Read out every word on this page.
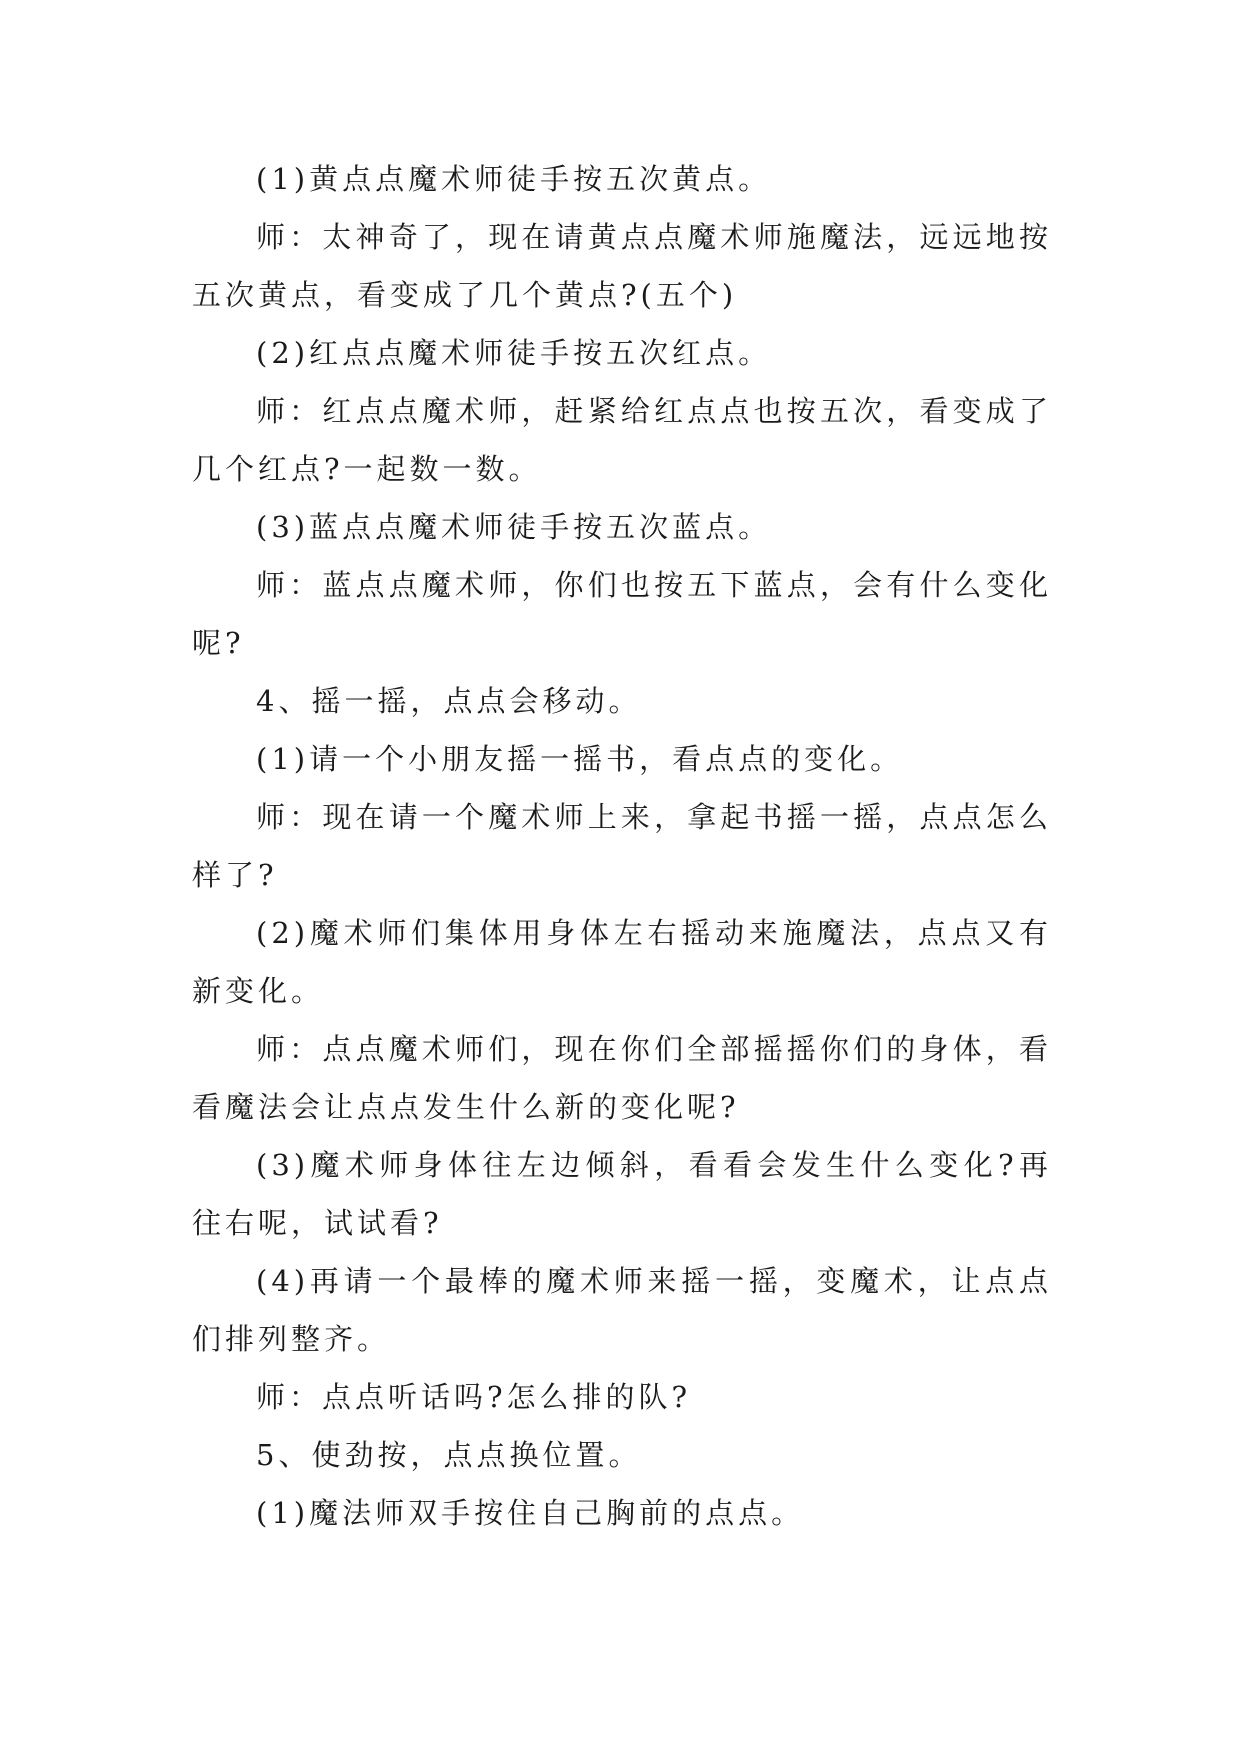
(1)黄点点魔术师徒手按五次黄点。

师：太神奇了，现在请黄点点魔术师施魔法，远远地按五次黄点，看变成了几个黄点?(五个)

(2)红点点魔术师徒手按五次红点。

师：红点点魔术师，赶紧给红点点也按五次，看变成了几个红点?一起数一数。

(3)蓝点点魔术师徒手按五次蓝点。

师：蓝点点魔术师，你们也按五下蓝点，会有什么变化呢?

4、摇一摇，点点会移动。

(1)请一个小朋友摇一摇书，看点点的变化。

师：现在请一个魔术师上来，拿起书摇一摇，点点怎么样了?

(2)魔术师们集体用身体左右摇动来施魔法，点点又有新变化。

师：点点魔术师们，现在你们全部摇摇你们的身体，看看魔法会让点点发生什么新的变化呢?

(3)魔术师身体往左边倾斜，看看会发生什么变化?再往右呢，试试看?

(4)再请一个最棒的魔术师来摇一摇，变魔术，让点点们排列整齐。

师：点点听话吗?怎么排的队?

5、使劲按，点点换位置。

(1)魔法师双手按住自己胸前的点点。
